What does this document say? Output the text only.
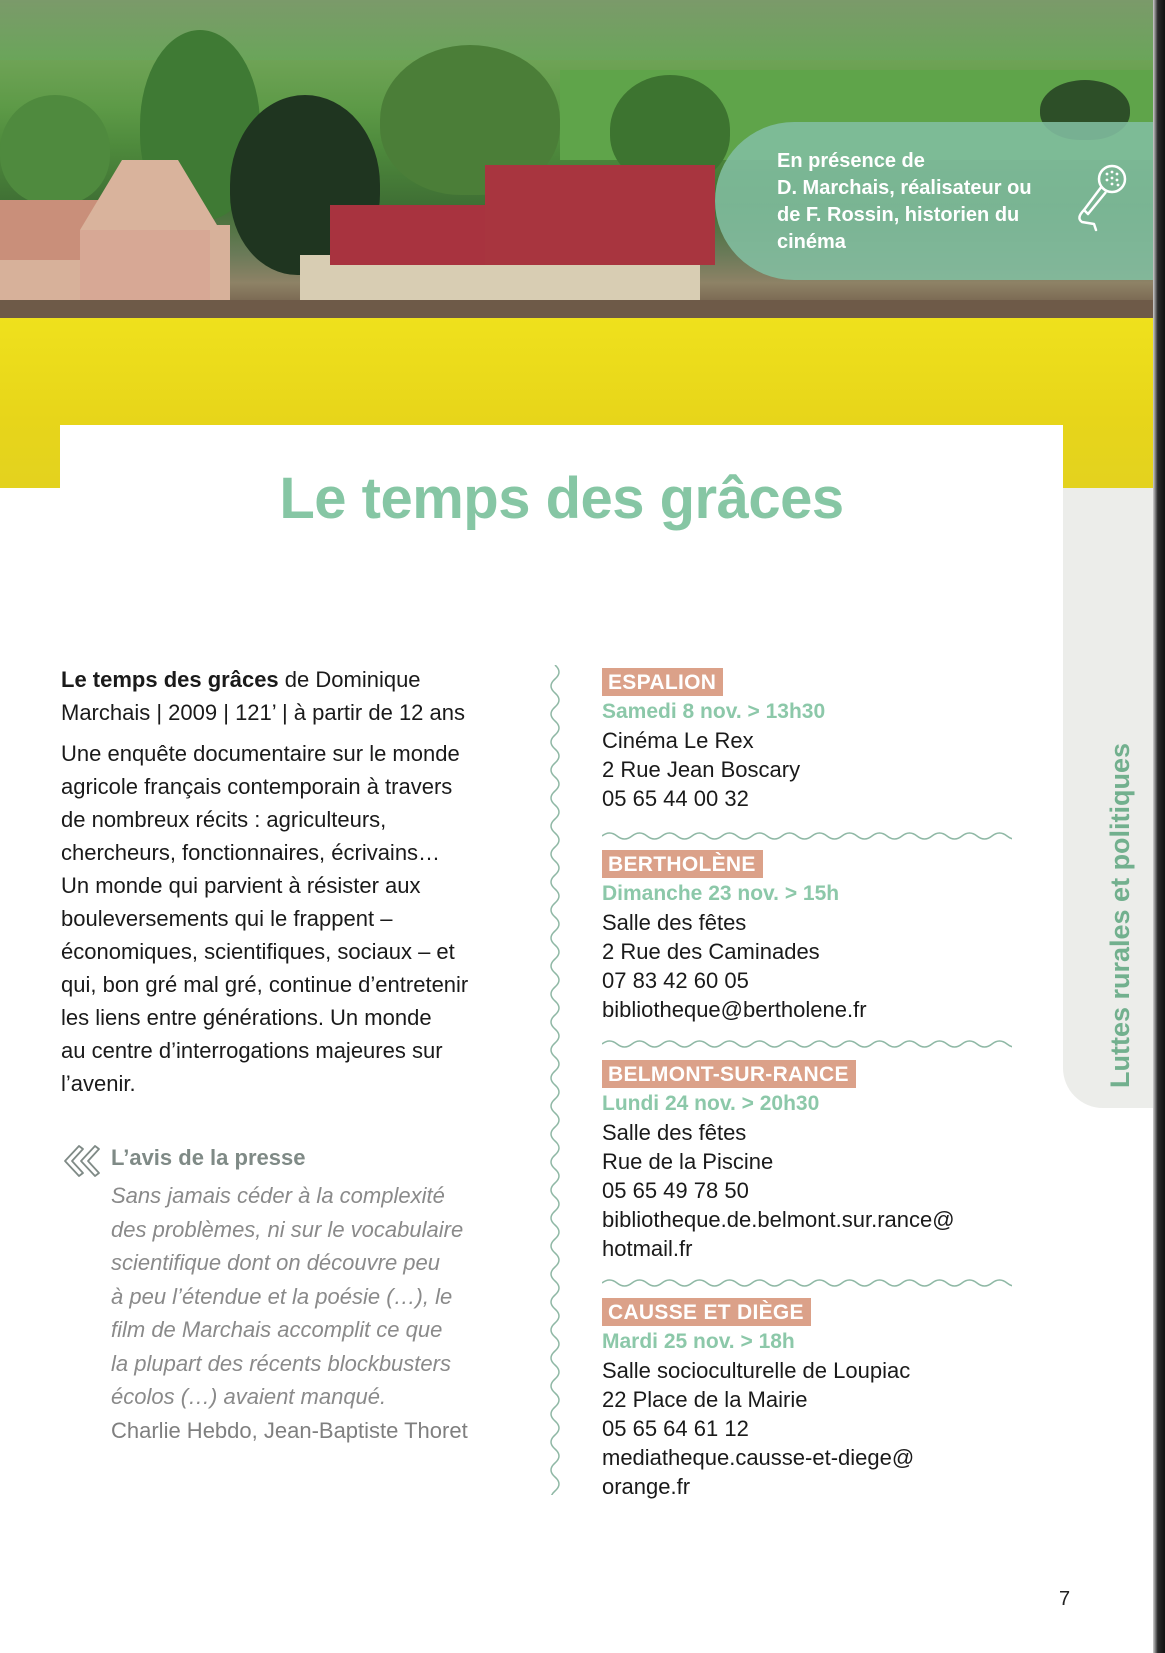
En présence de
D. Marchais, réalisateur ou
de F. Rossin, historien du
cinéma
Le temps des grâces
Luttes rurales et politiques

Le temps des grâces de Dominique

Marchais | 2009 | 121’ | à partir de 12 ans

Une enquête documentaire sur le monde
agricole français contemporain à travers
de nombreux récits : agriculteurs,
chercheurs, fonctionnaires, écrivains…
Un monde qui parvient à résister aux
bouleversements qui le frappent –
économiques, scientifiques, sociaux – et
qui, bon gré mal gré, continue d’entretenir
les liens entre générations. Un monde
au centre d’interrogations majeures sur
l’avenir.
L’avis de la presse
Sans jamais céder à la complexité
des problèmes, ni sur le vocabulaire
scientifique dont on découvre peu
à peu l’étendue et la poésie (…), le
film de Marchais accomplit ce que
la plupart des récents blockbusters
écolos (…) avaient manqué.
Charlie Hebdo, Jean-Baptiste Thoret
ESPALION
Samedi 8 nov. > 13h30
Cinéma Le Rex
2 Rue Jean Boscary
05 65 44 00 32
BERTHOLÈNE
Dimanche 23 nov. > 15h
Salle des fêtes
2 Rue des Caminades
07 83 42 60 05
bibliotheque@bertholene.fr
BELMONT-SUR-RANCE
Lundi 24 nov. > 20h30
Salle des fêtes
Rue de la Piscine
05 65 49 78 50
bibliotheque.de.belmont.sur.rance@
hotmail.fr
CAUSSE ET DIÈGE
Mardi 25 nov. > 18h
Salle socioculturelle de Loupiac
22 Place de la Mairie
05 65 64 61 12
mediatheque.causse-et-diege@
orange.fr
7
